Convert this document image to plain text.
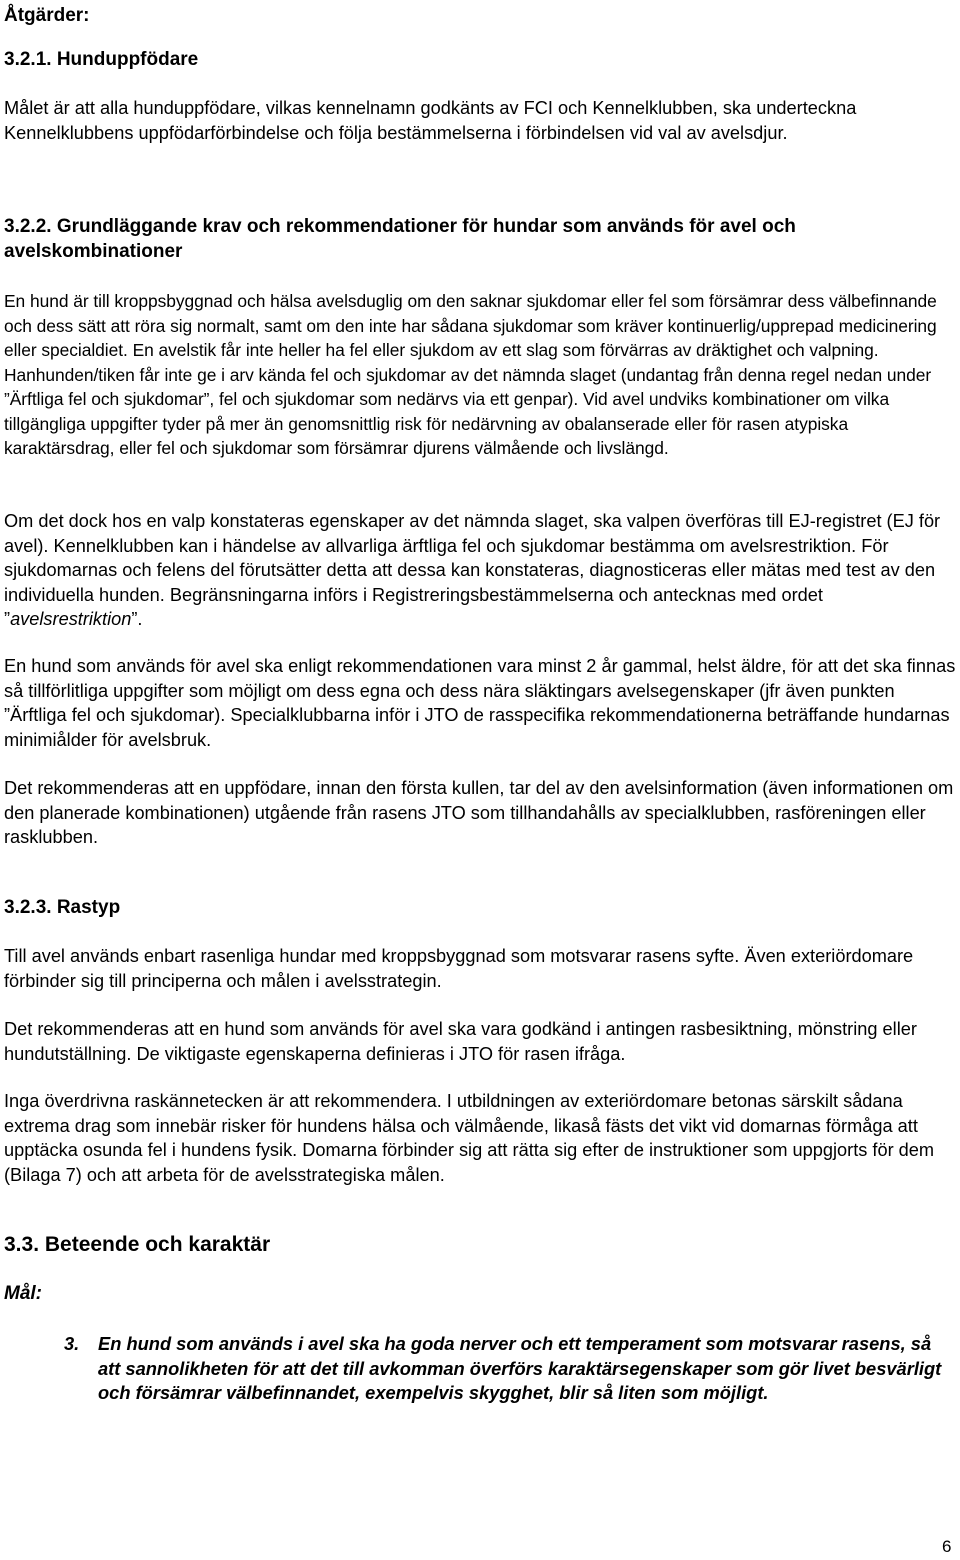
Åtgärder:
3.2.1. Hunduppfödare

Målet är att alla hunduppfödare, vilkas kennelnamn godkänts av FCI och Kennelklubben, ska underteckna Kennelklubbens uppfödarförbindelse och följa bestämmelserna i förbindelsen vid val av avelsdjur.

3.2.2. Grundläggande krav och rekommendationer för hundar som används för avel och avelskombinationer

En hund är till kroppsbyggnad och hälsa avelsduglig om den saknar sjukdomar eller fel som försämrar dess välbefinnande och dess sätt att röra sig normalt, samt om den inte har sådana sjukdomar som kräver kontinuerlig/upprepad medicinering eller specialdiet. En avelstik får inte heller ha fel eller sjukdom av ett slag som förvärras av dräktighet och valpning. Hanhunden/tiken får inte ge i arv kända fel och sjukdomar av det nämnda slaget (undantag från denna regel nedan under ”Ärftliga fel och sjukdomar”, fel och sjukdomar som nedärvs via ett genpar). Vid avel undviks kombinationer om vilka tillgängliga uppgifter tyder på mer än genomsnittlig risk för nedärvning av obalanserade eller för rasen atypiska karaktärsdrag, eller fel och sjukdomar som försämrar djurens välmående och livslängd.

Om det dock hos en valp konstateras egenskaper av det nämnda slaget, ska valpen överföras till EJ-registret (EJ för avel). Kennelklubben kan i händelse av allvarliga ärftliga fel och sjukdomar bestämma om avelsrestriktion. För sjukdomarnas och felens del förutsätter detta att dessa kan konstateras, diagnosticeras eller mätas med test av den individuella hunden. Begränsningarna införs i Registreringsbestämmelserna och antecknas med ordet ”avelsrestriktion”.

En hund som används för avel ska enligt rekommendationen vara minst 2 år gammal, helst äldre, för att det ska finnas så tillförlitliga uppgifter som möjligt om dess egna och dess nära släktingars avelsegenskaper (jfr även punkten ”Ärftliga fel och sjukdomar). Specialklubbarna inför i JTO de rasspecifika rekommendationerna beträffande hundarnas minimiålder för avelsbruk.

Det rekommenderas att en uppfödare, innan den första kullen, tar del av den avelsinformation (även informationen om den planerade kombinationen) utgående från rasens JTO som tillhandahålls av specialklubben, rasföreningen eller rasklubben.

3.2.3. Rastyp

Till avel används enbart rasenliga hundar med kroppsbyggnad som motsvarar rasens syfte. Även exteriördomare förbinder sig till principerna och målen i avelsstrategin.

Det rekommenderas att en hund som används för avel ska vara godkänd i antingen rasbesiktning, mönstring eller hundutställning. De viktigaste egenskaperna definieras i JTO för rasen ifråga.

Inga överdrivna raskännetecken är att rekommendera. I utbildningen av exteriördomare betonas särskilt sådana extrema drag som innebär risker för hundens hälsa och välmående, likaså fästs det vikt vid domarnas förmåga att upptäcka osunda fel i hundens fysik. Domarna förbinder sig att rätta sig efter de instruktioner som uppgjorts för dem (Bilaga 7) och att arbeta för de avelsstrategiska målen.

3.3. Beteende och karaktär
Mål:
3. En hund som används i avel ska ha goda nerver och ett temperament som motsvarar rasens, så att sannolikheten för att det till avkomman överförs karaktärsegenskaper som gör livet besvärligt och försämrar välbefinnandet, exempelvis skygghet, blir så liten som möjligt.
6
